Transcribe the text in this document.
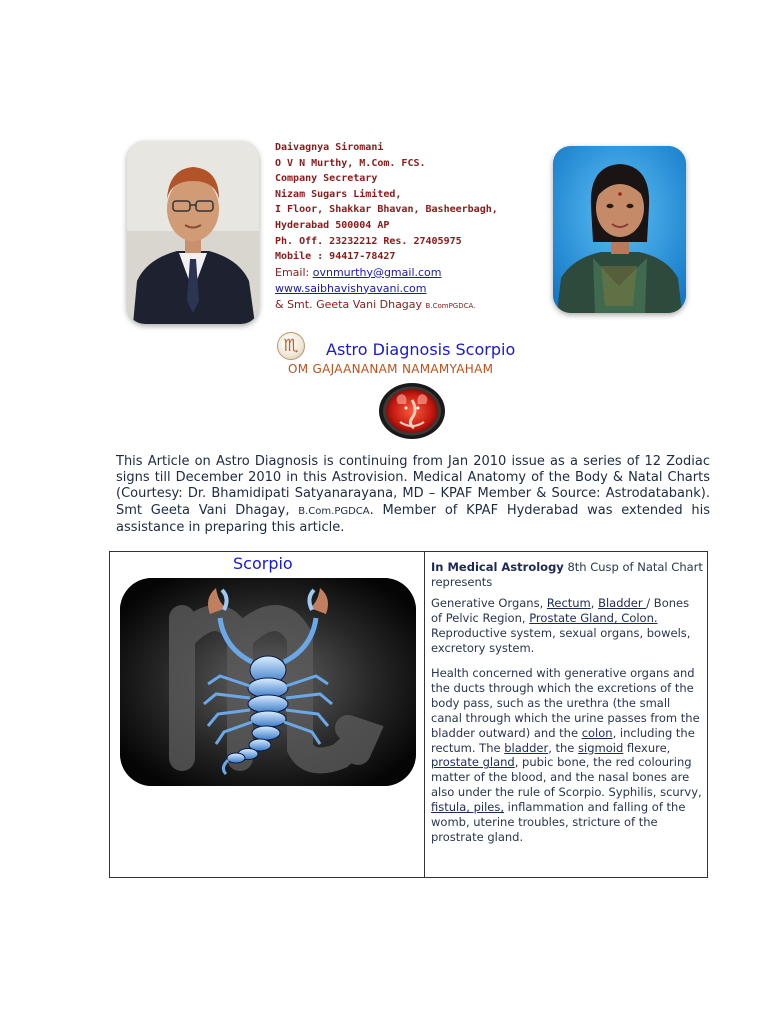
Daivagnya Siromani
O V N Murthy, M.Com. FCS.
Company Secretary
Nizam Sugars Limited,
I Floor, Shakkar Bhavan, Basheerbagh,
Hyderabad 500004 AP
Ph. Off. 23232212 Res. 27405975
Mobile : 94417-78427
Email: ovnmurthy@gmail.com
www.saibhavishyavani.com
& Smt. Geeta Vani Dhagay B.ComPGDCA.
♏ Astro Diagnosis Scorpio
OM GAJAANANAM NAMAMYAHAM
This Article on Astro Diagnosis is continuing from Jan 2010 issue as a series of 12 Zodiac signs till December 2010 in this Astrovision. Medical Anatomy of the Body & Natal Charts (Courtesy: Dr. Bhamidipati Satyanarayana, MD – KPAF Member & Source: Astrodatabank). Smt Geeta Vani Dhagay, B.Com.PGDCA. Member of KPAF Hyderabad was extended his assistance in preparing this article.
Scorpio	In Medical Astrology 8th Cusp of Natal Chart represents
Generative Organs, Rectum, Bladder / Bones of Pelvic Region, Prostate Gland, Colon. Reproductive system, sexual organs, bowels, excretory system.
Health concerned with generative organs and the ducts through which the excretions of the body pass, such as the urethra (the small canal through which the urine passes from the bladder outward) and the colon, including the rectum. The bladder, the sigmoid flexure, prostate gland, pubic bone, the red colouring matter of the blood, and the nasal bones are also under the rule of Scorpio. Syphilis, scurvy, fistula, piles, inflammation and falling of the womb, uterine troubles, stricture of the prostrate gland.
